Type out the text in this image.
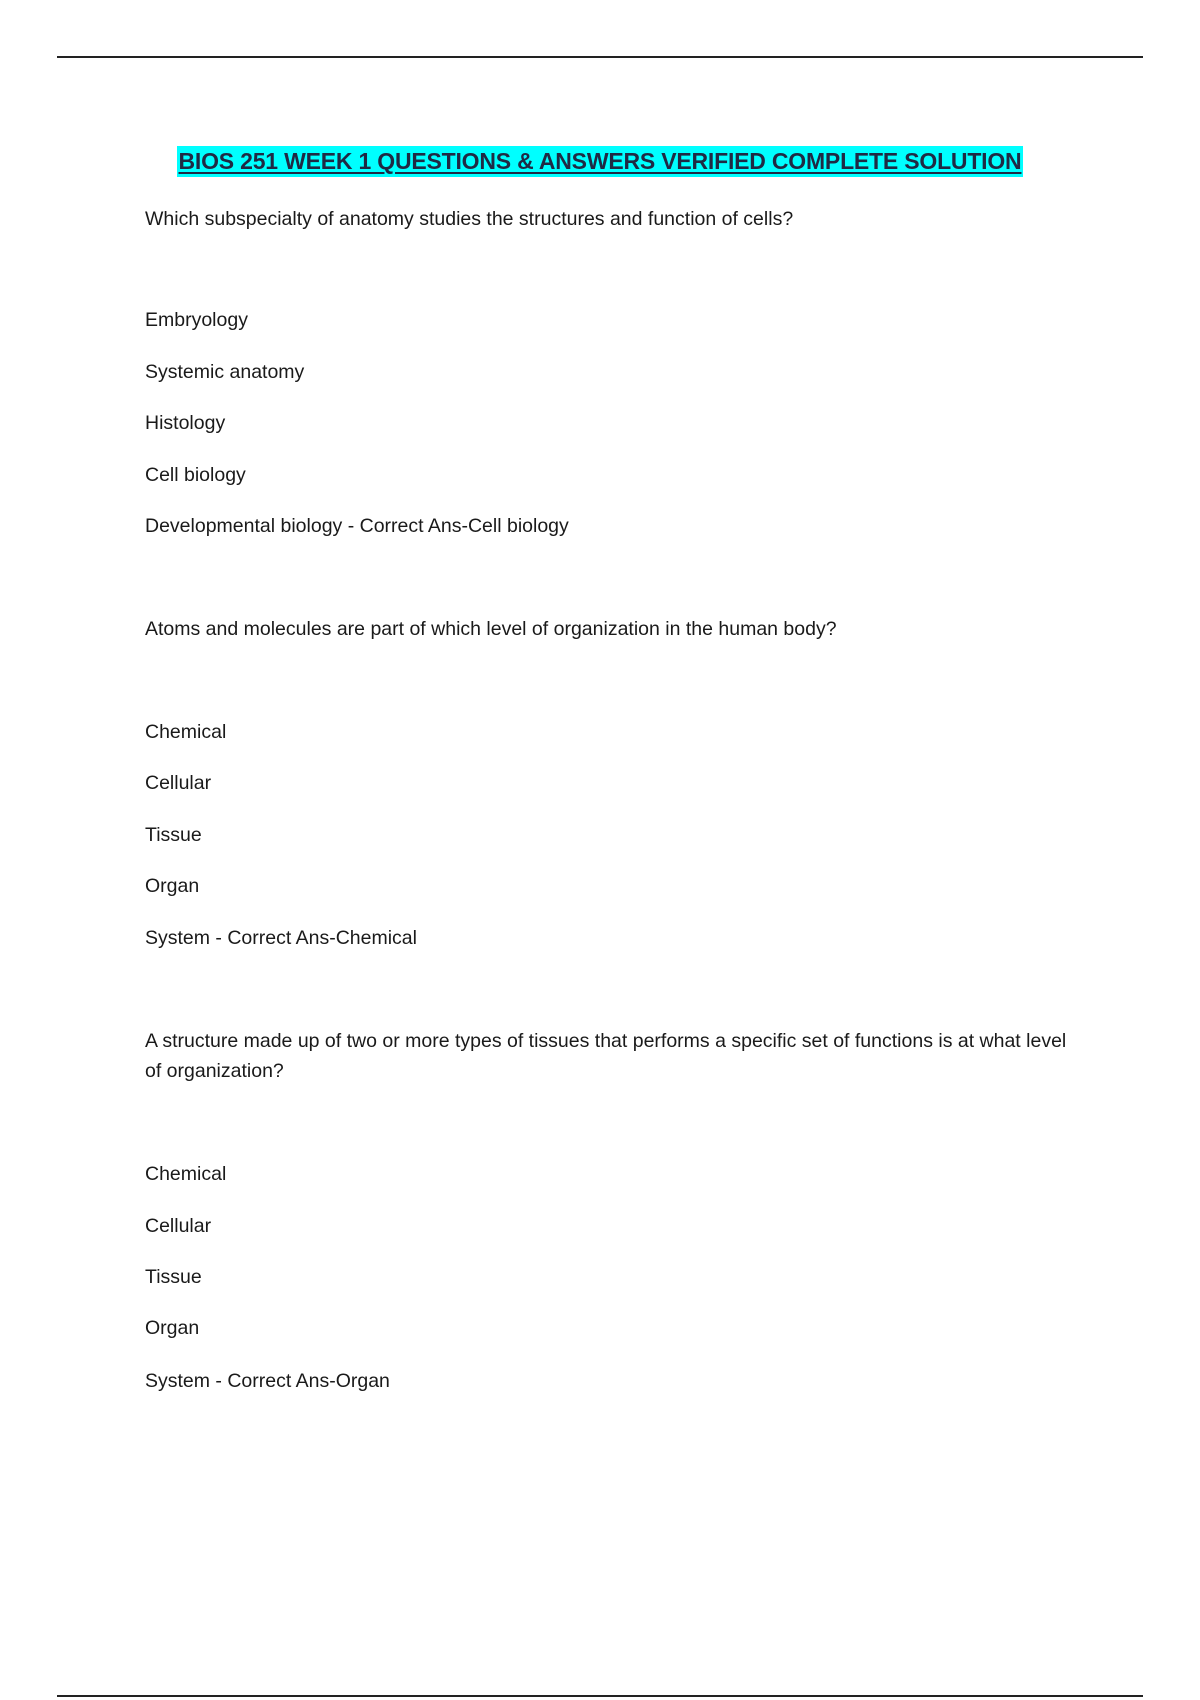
BIOS 251 WEEK 1 QUESTIONS & ANSWERS VERIFIED COMPLETE SOLUTION
Which subspecialty of anatomy studies the structures and function of cells?
Embryology
Systemic anatomy
Histology
Cell biology
Developmental biology - Correct Ans-Cell biology
Atoms and molecules are part of which level of organization in the human body?
Chemical
Cellular
Tissue
Organ
System - Correct Ans-Chemical
A structure made up of two or more types of tissues that performs a specific set of functions is at what level of organization?
Chemical
Cellular
Tissue
Organ
System - Correct Ans-Organ
